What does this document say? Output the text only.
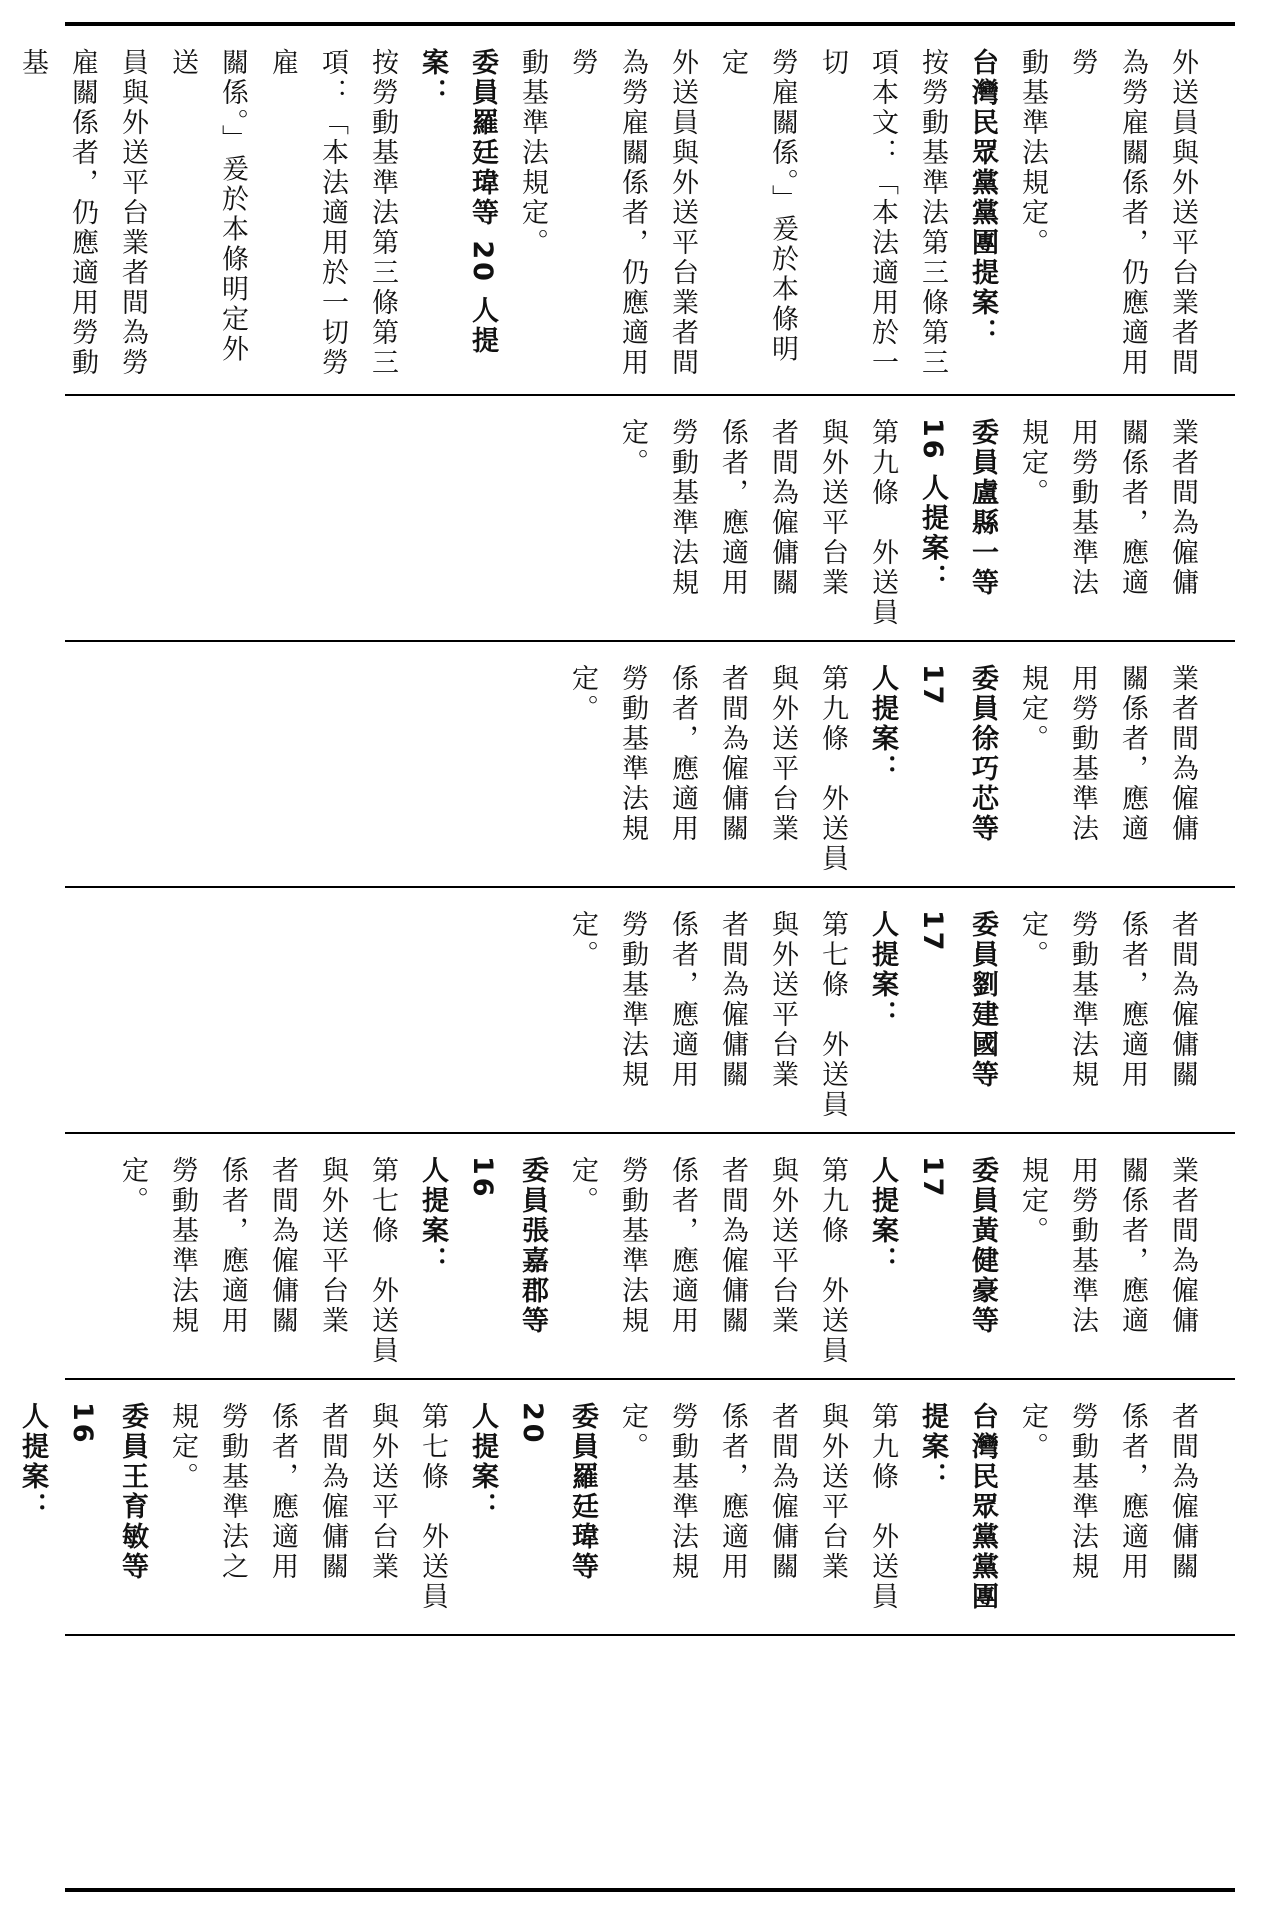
外送員與外送平台業者間
為勞雇關係者，仍應適用勞
動基準法規定。
台灣民眾黨黨團提案：
按勞動基準法第三條第三
項本文：「本法適用於一切
勞雇關係。」爰於本條明定
外送員與外送平台業者間
為勞雇關係者，仍應適用勞
動基準法規定。
委員羅廷瑋等 20 人提案：
按勞動基準法第三條第三
項：「本法適用於一切勞雇
關係。」爰於本條明定外送
員與外送平台業者間為勞
雇關係者，仍應適用勞動基
業者間為僱傭
關係者，應適
用勞動基準法
規定。
委員盧縣一等
16 人提案：
第九條　外送員
與外送平台業
者間為僱傭關
係者，應適用
勞動基準法規
定。
業者間為僱傭
關係者，應適
用勞動基準法
規定。
委員徐巧芯等 17
人提案：
第九條　外送員
與外送平台業
者間為僱傭關
係者，應適用
勞動基準法規
定。
者間為僱傭關
係者，應適用
勞動基準法規
定。
委員劉建國等 17
人提案：
第七條　外送員
與外送平台業
者間為僱傭關
係者，應適用
勞動基準法規
定。
業者間為僱傭
關係者，應適
用勞動基準法
規定。
委員黃健豪等 17
人提案：
第九條　外送員
與外送平台業
者間為僱傭關
係者，應適用
勞動基準法規
定。
委員張嘉郡等 16
人提案：
第七條　外送員
與外送平台業
者間為僱傭關
係者，應適用
勞動基準法規
定。
者間為僱傭關
係者，應適用
勞動基準法規
定。
台灣民眾黨黨團
提案：
第九條　外送員
與外送平台業
者間為僱傭關
係者，應適用
勞動基準法規
定。
委員羅廷瑋等 20
人提案：
第七條　外送員
與外送平台業
者間為僱傭關
係者，應適用
勞動基準法之
規定。
委員王育敏等 16
人提案：
